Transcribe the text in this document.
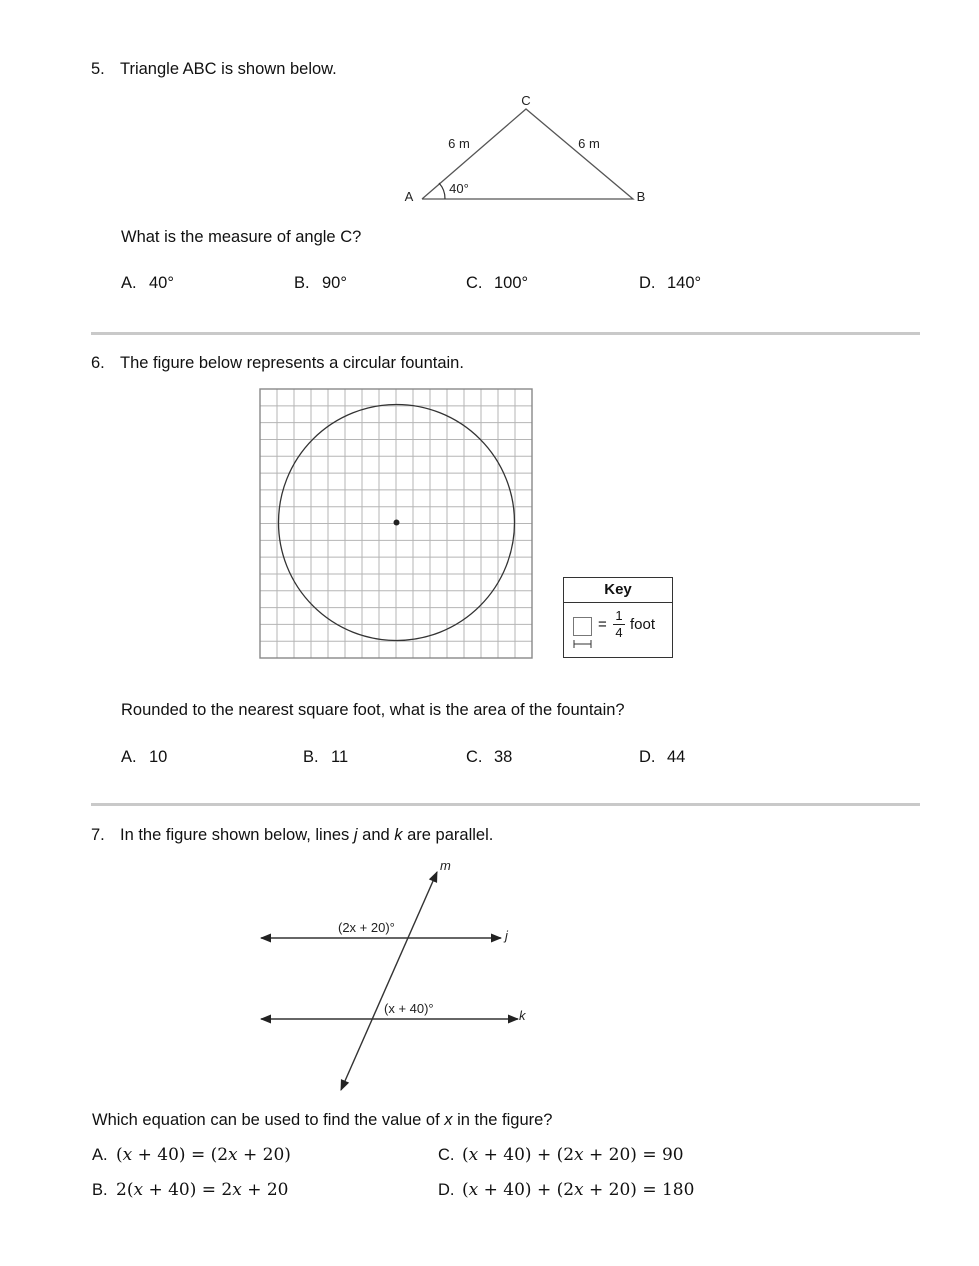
5. Triangle ABC is shown below.
C
A	B
6 m	6 m
40°
What is the measure of angle C?
A. 40°	B. 90°	C. 100°	D. 140°
6. The figure below represents a circular fountain.
Key
=
1
4 foot
Rounded to the nearest square foot, what is the area of the fountain?
A. 10	B. 11	C. 38	D. 44
7. In the figure shown below, lines j and k are parallel.
m
j
k
(2x + 20)°
(x + 40)°
Which equation can be used to find the value of x in the figure?
A. (𝑥 + 40) = (2𝑥 + 20)
B. 2(𝑥 + 40) = 2𝑥 + 20
C. (𝑥 + 40) + (2𝑥 + 20) = 90
D. (𝑥 + 40) + (2𝑥 + 20) = 180
